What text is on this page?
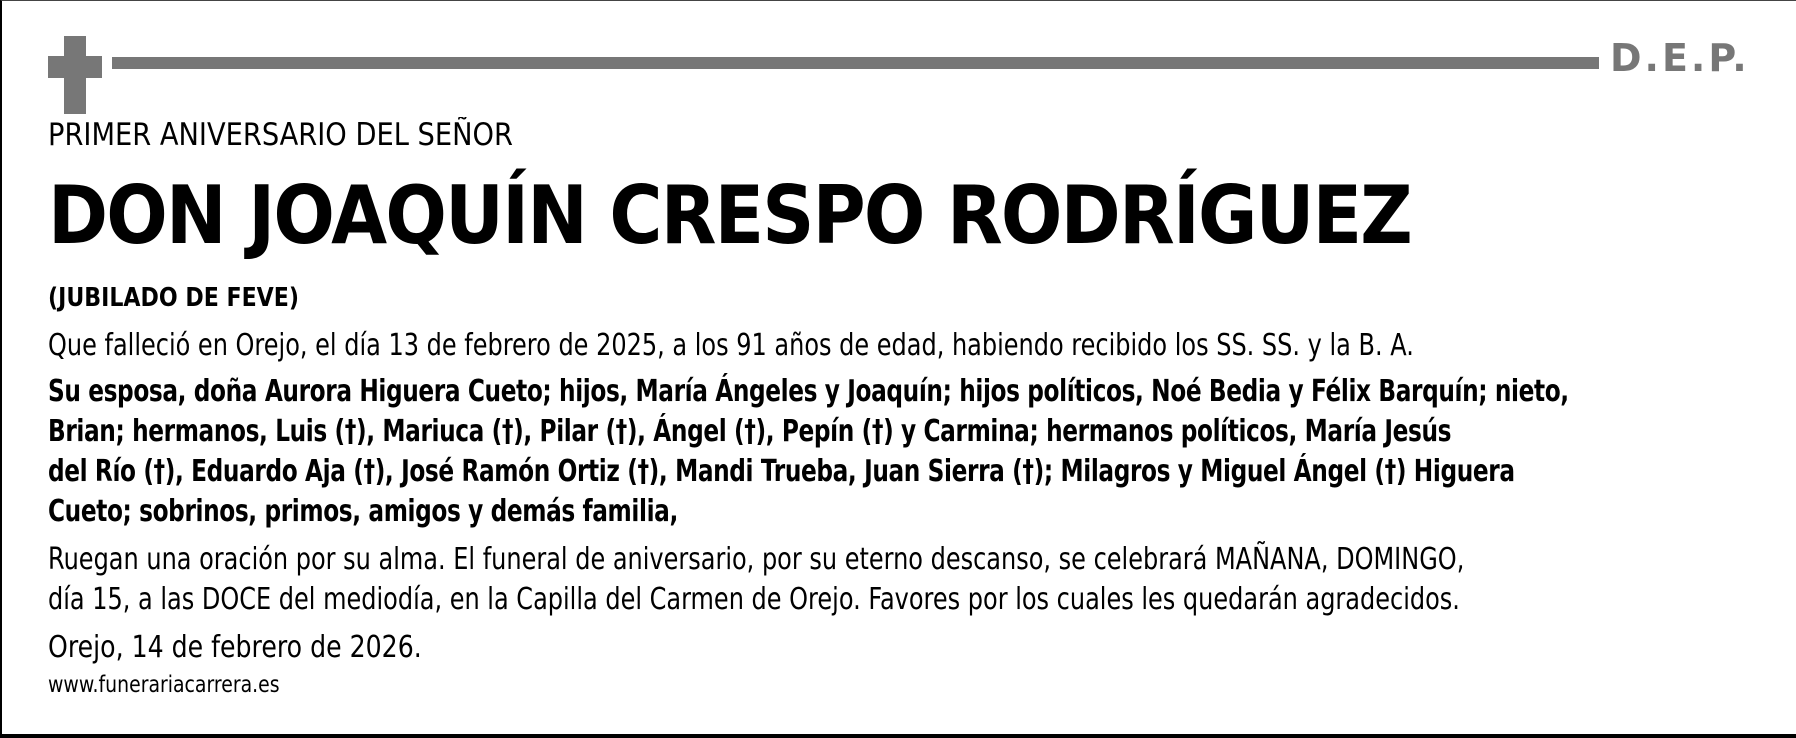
D.E.P.
PRIMER ANIVERSARIO DEL SEÑOR
DON JOAQUÍN CRESPO RODRÍGUEZ
(JUBILADO DE FEVE)
Que falleció en Orejo, el día 13 de febrero de 2025, a los 91 años de edad, habiendo recibido los SS. SS. y la B. A.
Su esposa, doña Aurora Higuera Cueto; hijos, María Ángeles y Joaquín; hijos políticos, Noé Bedia y Félix Barquín; nieto,
Brian; hermanos, Luis (†), Mariuca (†), Pilar (†), Ángel (†), Pepín (†) y Carmina; hermanos políticos, María Jesús
del Río (†), Eduardo Aja (†), José Ramón Ortiz (†), Mandi Trueba, Juan Sierra (†); Milagros y Miguel Ángel (†) Higuera
Cueto; sobrinos, primos, amigos y demás familia,
Ruegan una oración por su alma. El funeral de aniversario, por su eterno descanso, se celebrará MAÑANA, DOMINGO,
día 15, a las DOCE del mediodía, en la Capilla del Carmen de Orejo. Favores por los cuales les quedarán agradecidos.
Orejo, 14 de febrero de 2026.
www.funerariacarrera.es
